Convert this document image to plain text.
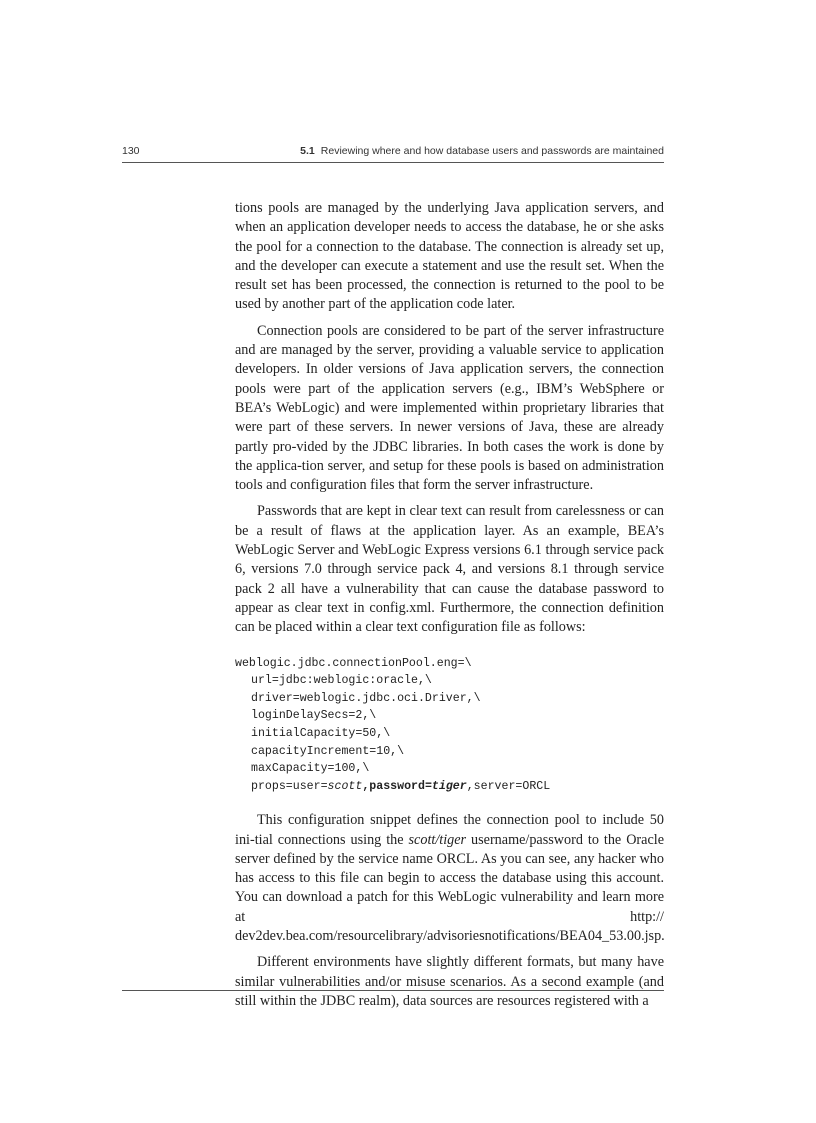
130	5.1 Reviewing where and how database users and passwords are maintained

tions pools are managed by the underlying Java application servers, and when an application developer needs to access the database, he or she asks the pool for a connection to the database. The connection is already set up, and the developer can execute a statement and use the result set. When the result set has been processed, the connection is returned to the pool to be used by another part of the application code later.

Connection pools are considered to be part of the server infrastructure and are managed by the server, providing a valuable service to application developers. In older versions of Java application servers, the connection pools were part of the application servers (e.g., IBM’s WebSphere or BEA’s WebLogic) and were implemented within proprietary libraries that were part of these servers. In newer versions of Java, these are already partly pro-vided by the JDBC libraries. In both cases the work is done by the applica-tion server, and setup for these pools is based on administration tools and configuration files that form the server infrastructure.

Passwords that are kept in clear text can result from carelessness or can be a result of flaws at the application layer. As an example, BEA’s WebLogic Server and WebLogic Express versions 6.1 through service pack 6, versions 7.0 through service pack 4, and versions 8.1 through service pack 2 all have a vulnerability that can cause the database password to appear as clear text in config.xml. Furthermore, the connection definition can be placed within a clear text configuration file as follows:

weblogic.jdbc.connectionPool.eng=\
url=jdbc:weblogic:oracle,\
driver=weblogic.jdbc.oci.Driver,\
loginDelaySecs=2,\
initialCapacity=50,\
capacityIncrement=10,\
maxCapacity=100,\
props=user=scott,password=tiger,server=ORCL

This configuration snippet defines the connection pool to include 50 ini-tial connections using the scott/tiger username/password to the Oracle server defined by the service name ORCL. As you can see, any hacker who has access to this file can begin to access the database using this account. You can download a patch for this WebLogic vulnerability and learn more at http:// dev2dev.bea.com/resourcelibrary/advisoriesnotifications/BEA04_53.00.jsp.

Different environments have slightly different formats, but many have similar vulnerabilities and/or misuse scenarios. As a second example (and still within the JDBC realm), data sources are resources registered with a
